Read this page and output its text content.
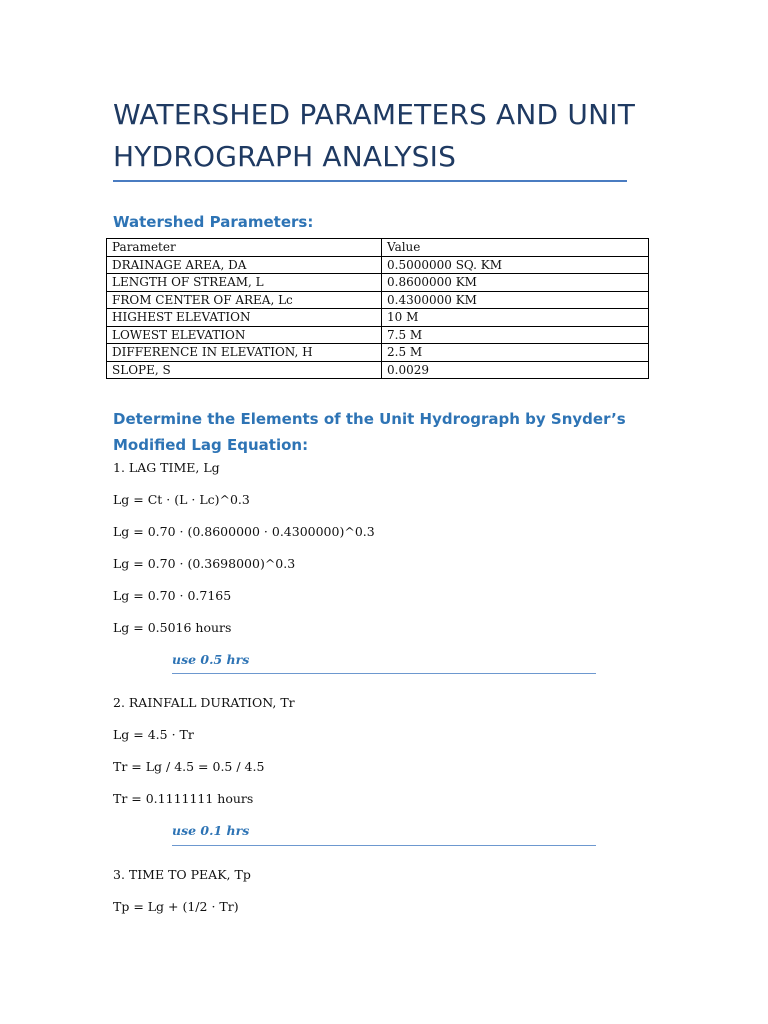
WATERSHED PARAMETERS AND UNIT HYDROGRAPH ANALYSIS
Watershed Parameters:
Parameter	Value
DRAINAGE AREA, DA	0.5000000 SQ. KM
LENGTH OF STREAM, L	0.8600000 KM
FROM CENTER OF AREA, Lc	0.4300000 KM
HIGHEST ELEVATION	10 M
LOWEST ELEVATION	7.5 M
DIFFERENCE IN ELEVATION, H	2.5 M
SLOPE, S	0.0029
Determine the Elements of the Unit Hydrograph by Snyder’s Modified Lag Equation:
1. LAG TIME, Lg
Lg = Ct · (L · Lc)^0.3
Lg = 0.70 · (0.8600000 · 0.4300000)^0.3
Lg = 0.70 · (0.3698000)^0.3
Lg = 0.70 · 0.7165
Lg = 0.5016 hours
use 0.5 hrs
2. RAINFALL DURATION, Tr
Lg = 4.5 · Tr
Tr = Lg / 4.5 = 0.5 / 4.5
Tr = 0.1111111 hours
use 0.1 hrs
3. TIME TO PEAK, Tp
Tp = Lg + (1/2 · Tr)
